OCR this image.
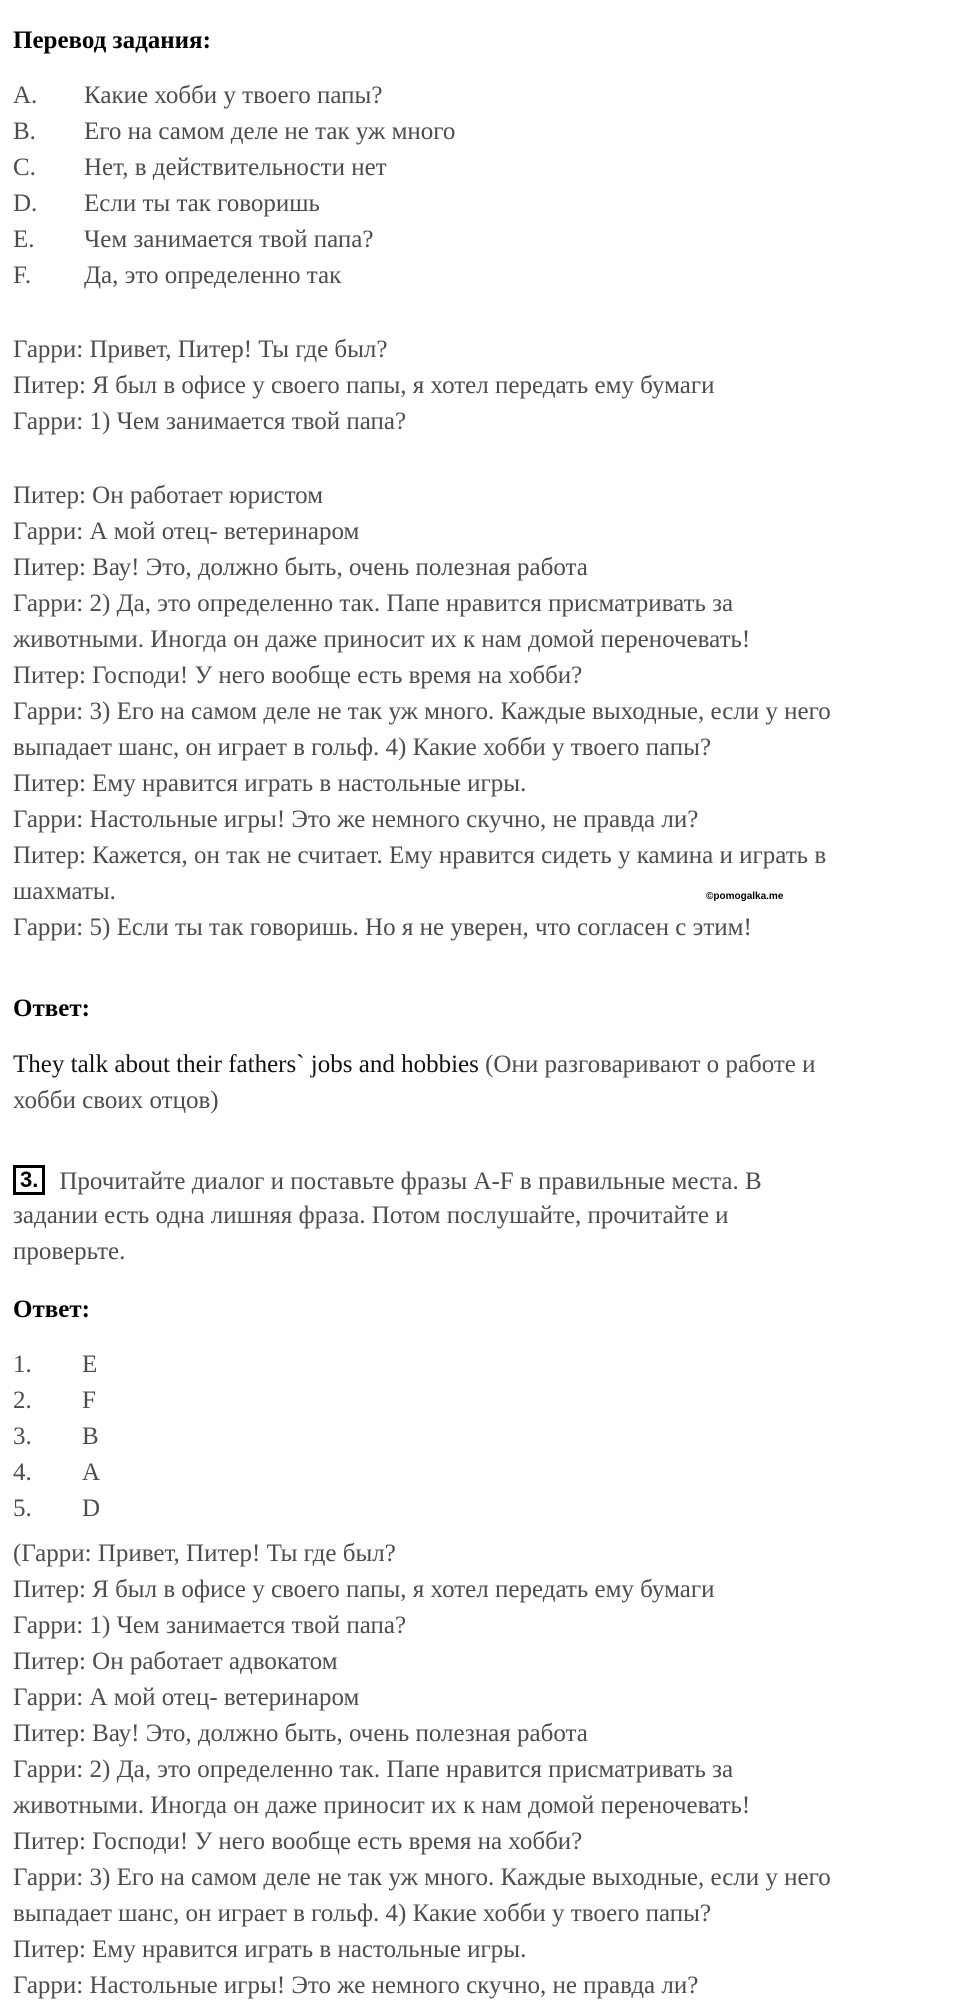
Перевод задания:
A. Какие хобби у твоего папы?
B. Его на самом деле не так уж много
C. Нет, в действительности нет
D. Если ты так говоришь
E. Чем занимается твой папа?
F. Да, это определенно так
Гарри: Привет, Питер! Ты где был?
Питер: Я был в офисе у своего папы, я хотел передать ему бумаги
Гарри: 1) Чем занимается твой папа?
Питер: Он работает юристом
Гарри: А мой отец- ветеринаром
Питер: Вау! Это, должно быть, очень полезная работа
Гарри: 2) Да, это определенно так. Папе нравится присматривать за
животными. Иногда он даже приносит их к нам домой переночевать!
Питер: Господи! У него вообще есть время на хобби?
Гарри: 3) Его на самом деле не так уж много. Каждые выходные, если у него
выпадает шанс, он играет в гольф. 4) Какие хобби у твоего папы?
Питер: Ему нравится играть в настольные игры.
Гарри: Настольные игры! Это же немного скучно, не правда ли?
Питер: Кажется, он так не считает. Ему нравится сидеть у камина и играть в
шахматы.
Гарри: 5) Если ты так говоришь. Но я не уверен, что согласен с этим!
©pomogalka.me
Ответ:
They talk about their fathers` jobs and hobbies (Они разговаривают о работе и
хобби своих отцов)
3. Прочитайте диалог и поставьте фразы A-F в правильные места. В
задании есть одна лишняя фраза. Потом послушайте, прочитайте и
проверьте.
Ответ:
1. E
2. F
3. B
4. A
5. D
(Гарри: Привет, Питер! Ты где был?
Питер: Я был в офисе у своего папы, я хотел передать ему бумаги
Гарри: 1) Чем занимается твой папа?
Питер: Он работает адвокатом
Гарри: А мой отец- ветеринаром
Питер: Вау! Это, должно быть, очень полезная работа
Гарри: 2) Да, это определенно так. Папе нравится присматривать за
животными. Иногда он даже приносит их к нам домой переночевать!
Питер: Господи! У него вообще есть время на хобби?
Гарри: 3) Его на самом деле не так уж много. Каждые выходные, если у него
выпадает шанс, он играет в гольф. 4) Какие хобби у твоего папы?
Питер: Ему нравится играть в настольные игры.
Гарри: Настольные игры! Это же немного скучно, не правда ли?
